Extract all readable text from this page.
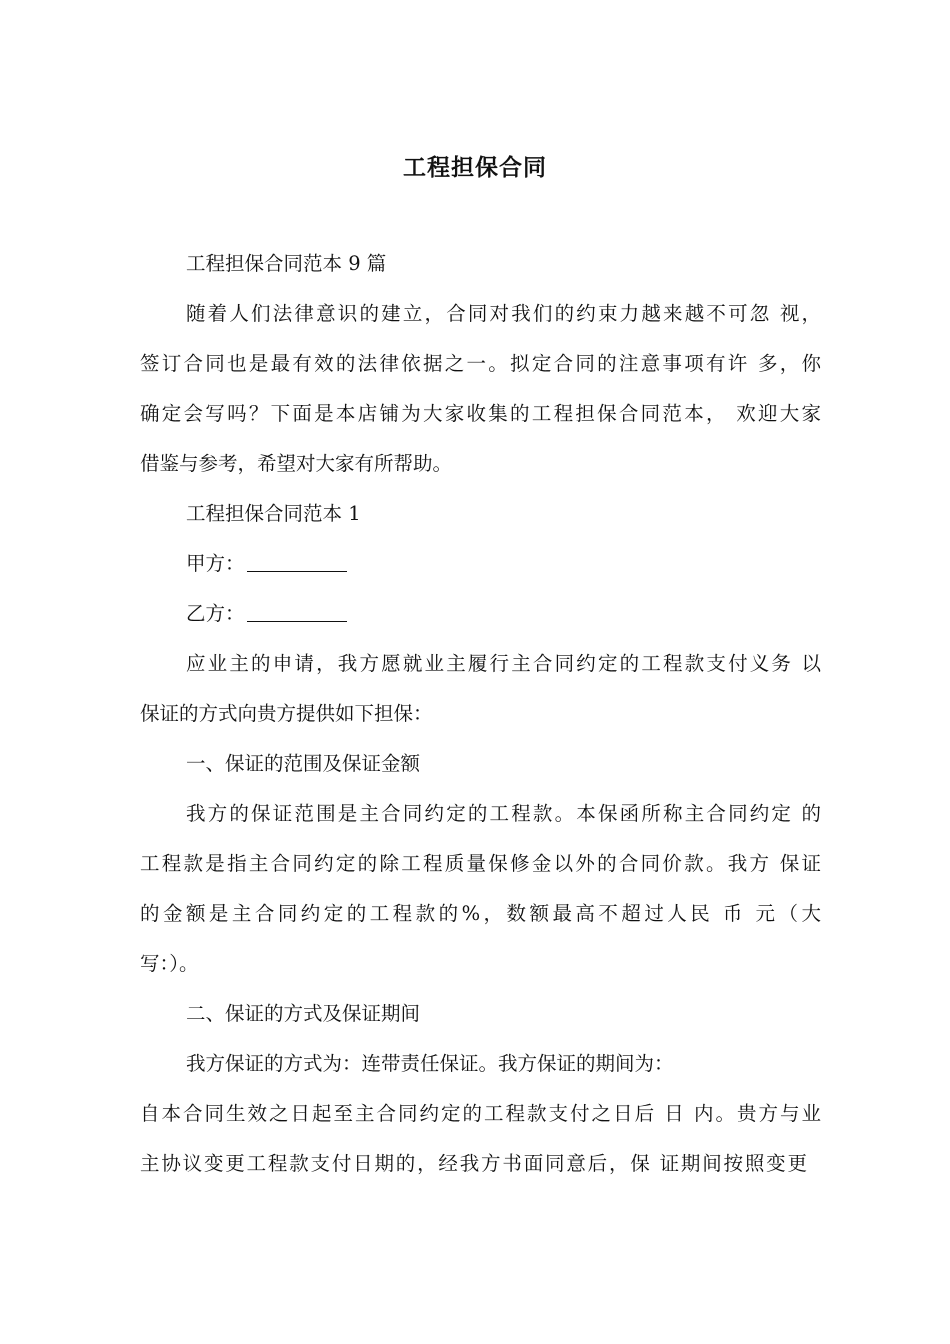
工程担保合同
工程担保合同范本 9 篇
随着人们法律意识的建立，合同对我们的约束力越来越不可忽 视，
签订合同也是最有效的法律依据之一。拟定合同的注意事项有许 多，你
确定会写吗？下面是本店铺为大家收集的工程担保合同范本， 欢迎大家
借鉴与参考，希望对大家有所帮助。
工程担保合同范本 1
甲方：
乙方：
应业主的申请，我方愿就业主履行主合同约定的工程款支付义务 以
保证的方式向贵方提供如下担保：
一、保证的范围及保证金额
我方的保证范围是主合同约定的工程款。本保函所称主合同约定 的
工程款是指主合同约定的除工程质量保修金以外的合同价款。我方 保证
的金额是主合同约定的工程款的%，数额最高不超过人民 币 元（大
写：）。
二、保证的方式及保证期间
我方保证的方式为：连带责任保证。我方保证的期间为：
自本合同生效之日起至主合同约定的工程款支付之日后 日 内。贵方与业
主协议变更工程款支付日期的，经我方书面同意后，保 证期间按照变更
